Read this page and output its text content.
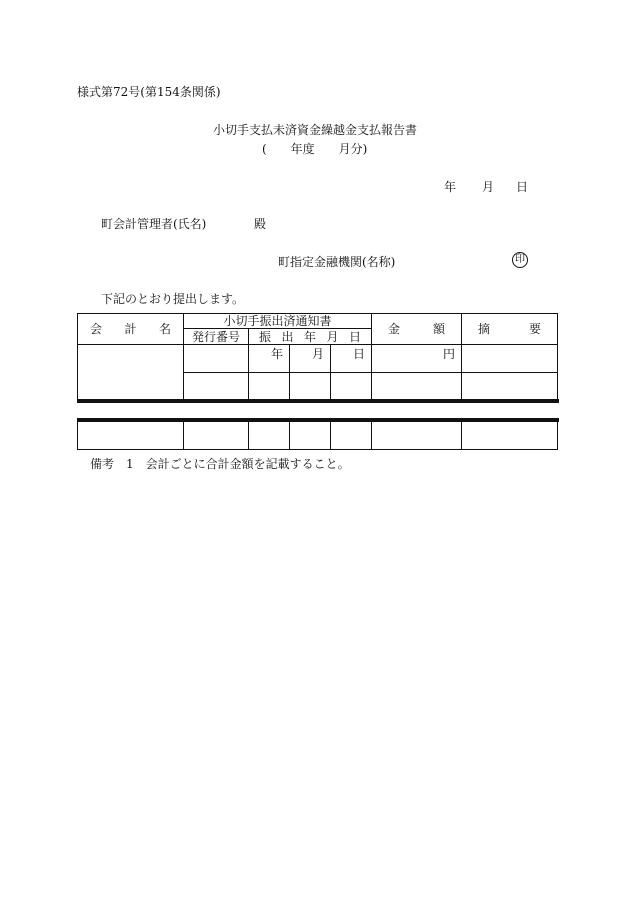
様式第72号(第154条関係)
小切手支払未済資金繰越金支払報告書
(　　年度　　月分)
年 月 日
町会計管理者(氏名)	殿
町指定金融機関(名称)	印
下記のとおり提出します。
会 計 名	小切手振出済通知書				金 額	摘 要

	発行番号	振 出 年 月 日				

		年	月	日	円	

備考　1　会計ごとに合計金額を記載すること。
